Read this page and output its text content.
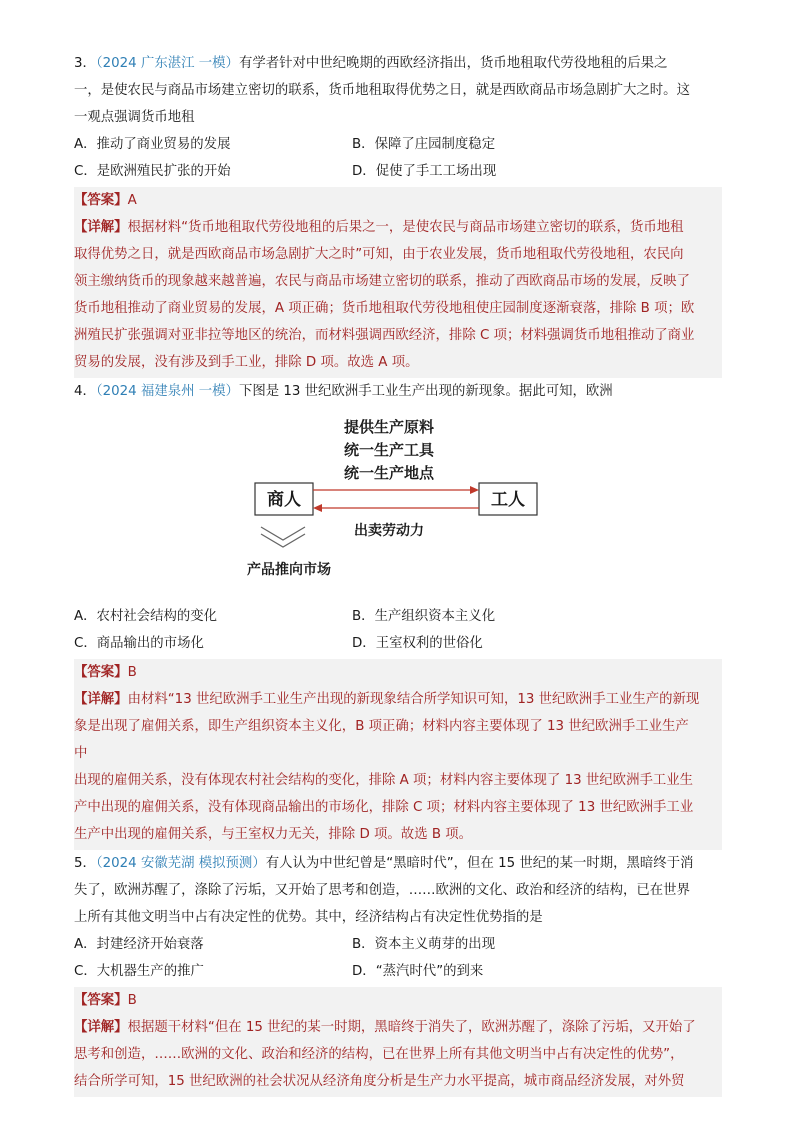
3．（2024 广东湛江 一模）有学者针对中世纪晚期的西欧经济指出，货币地租取代劳役地租的后果之
一，是使农民与商品市场建立密切的联系，货币地租取得优势之日，就是西欧商品市场急剧扩大之时。这
一观点强调货币地租
A．推动了商业贸易的发展	B．保障了庄园制度稳定
C．是欧洲殖民扩张的开始	D．促使了手工工场出现
【答案】A
【详解】根据材料“货币地租取代劳役地租的后果之一，是使农民与商品市场建立密切的联系，货币地租
取得优势之日，就是西欧商品市场急剧扩大之时”可知，由于农业发展，货币地租取代劳役地租，农民向
领主缴纳货币的现象越来越普遍，农民与商品市场建立密切的联系，推动了西欧商品市场的发展，反映了
货币地租推动了商业贸易的发展，A 项正确；货币地租取代劳役地租使庄园制度逐渐衰落，排除 B 项；欧
洲殖民扩张强调对亚非拉等地区的统治，而材料强调西欧经济，排除 C 项；材料强调货币地租推动了商业
贸易的发展，没有涉及到手工业，排除 D 项。故选 A 项。
4．（2024 福建泉州 一模）下图是 13 世纪欧洲手工业生产出现的新现象。据此可知，欧洲
提供生产原料
统一生产工具
统一生产地点
商人	工人
出卖劳动力
产品推向市场
A．农村社会结构的变化	B．生产组织资本主义化
C．商品输出的市场化	D．王室权利的世俗化
【答案】B
【详解】由材料“13 世纪欧洲手工业生产出现的新现象结合所学知识可知，13 世纪欧洲手工业生产的新现
象是出现了雇佣关系，即生产组织资本主义化，B 项正确；材料内容主要体现了 13 世纪欧洲手工业生产
中
出现的雇佣关系，没有体现农村社会结构的变化，排除 A 项；材料内容主要体现了 13 世纪欧洲手工业生
产中出现的雇佣关系，没有体现商品输出的市场化，排除 C 项；材料内容主要体现了 13 世纪欧洲手工业
生产中出现的雇佣关系，与王室权力无关，排除 D 项。故选 B 项。
5．（2024 安徽芜湖 模拟预测）有人认为中世纪曾是“黑暗时代”，但在 15 世纪的某一时期，黑暗终于消
失了，欧洲苏醒了，涤除了污垢，又开始了思考和创造，……欧洲的文化、政治和经济的结构，已在世界
上所有其他文明当中占有决定性的优势。其中，经济结构占有决定性优势指的是
A．封建经济开始衰落	B．资本主义萌芽的出现
C．大机器生产的推广	D．“蒸汽时代”的到来
【答案】B
【详解】根据题干材料“但在 15 世纪的某一时期，黑暗终于消失了，欧洲苏醒了，涤除了污垢，又开始了
思考和创造，……欧洲的文化、政治和经济的结构，已在世界上所有其他文明当中占有决定性的优势”，
结合所学可知，15 世纪欧洲的社会状况从经济角度分析是生产力水平提高，城市商品经济发展，对外贸
